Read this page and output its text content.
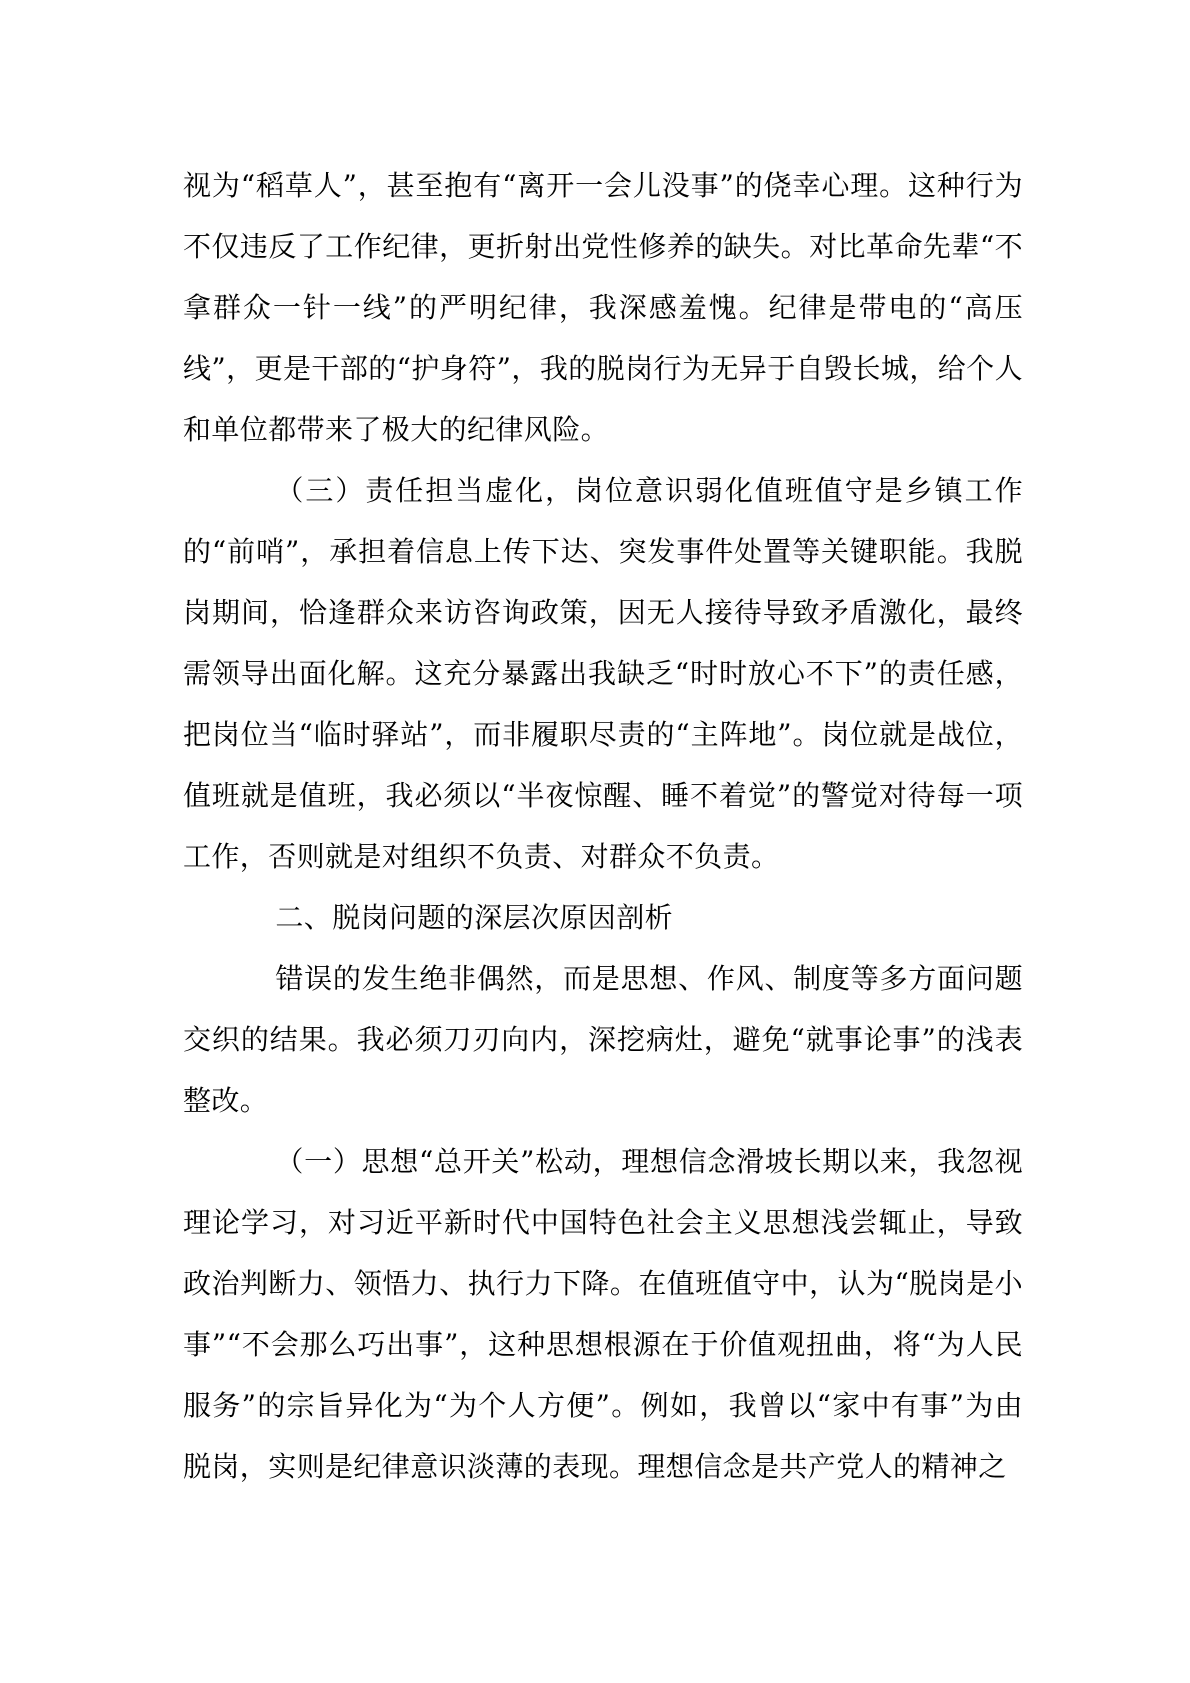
视为“稻草人”，甚至抱有“离开一会儿没事”的侥幸心理。这种行为不仅违反了工作纪律，更折射出党性修养的缺失。对比革命先辈“不拿群众一针一线”的严明纪律，我深感羞愧。纪律是带电的“高压线”，更是干部的“护身符”，我的脱岗行为无异于自毁长城，给个人和单位都带来了极大的纪律风险。

（三）责任担当虚化，岗位意识弱化值班值守是乡镇工作的“前哨”，承担着信息上传下达、突发事件处置等关键职能。我脱岗期间，恰逢群众来访咨询政策，因无人接待导致矛盾激化，最终需领导出面化解。这充分暴露出我缺乏“时时放心不下”的责任感，把岗位当“临时驿站”，而非履职尽责的“主阵地”。岗位就是战位，值班就是值班，我必须以“半夜惊醒、睡不着觉”的警觉对待每一项工作，否则就是对组织不负责、对群众不负责。

二、脱岗问题的深层次原因剖析

错误的发生绝非偶然，而是思想、作风、制度等多方面问题交织的结果。我必须刀刃向内，深挖病灶，避免“就事论事”的浅表整改。

（一）思想“总开关”松动，理想信念滑坡长期以来，我忽视理论学习，对习近平新时代中国特色社会主义思想浅尝辄止，导致政治判断力、领悟力、执行力下降。在值班值守中，认为“脱岗是小事”“不会那么巧出事”，这种思想根源在于价值观扭曲，将“为人民服务”的宗旨异化为“为个人方便”。例如，我曾以“家中有事”为由脱岗，实则是纪律意识淡薄的表现。理想信念是共产党人的精神之
